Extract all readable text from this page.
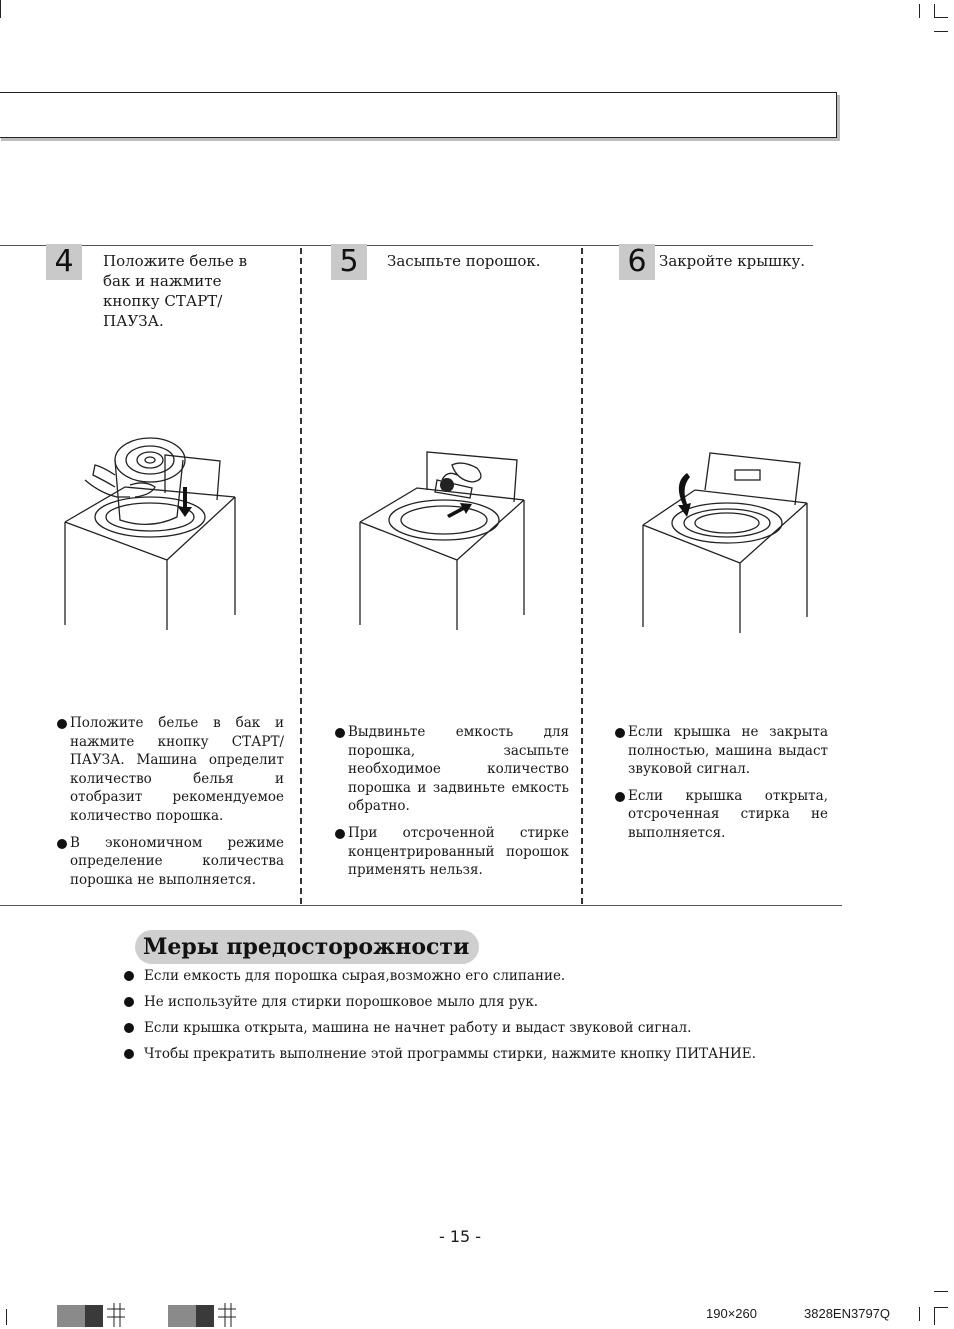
4	Положите белье в бак и нажмите кнопку СТАРТ/ПАУЗА.
Положите белье в бак и нажмите кнопку СТАРТ/ПАУЗА. Машина определит количество белья и отобразит рекомендуемое количество порошка.
В экономичном режиме определение количества порошка не выполняется.
5	Засыпьте порошок.
Выдвиньте емкость для порошка, засыпьте необходимое количество порошка и задвиньте емкость обратно.
При отсроченной стирке концентрированный порошок применять нельзя.
6 Закройте крышку.
Если крышка не закрыта полностью, машина выдаст звуковой сигнал.
Если крышка открыта, отсроченная стирка не выполняется.
Меры предосторожности
Если емкость для порошка сырая,возможно его слипание.
Не используйте для стирки порошковое мыло для рук.
Если крышка открыта, машина не начнет работу и выдаст звуковой сигнал.
Чтобы прекратить выполнение этой программы стирки, нажмите кнопку ПИТАНИЕ.
- 15 -
190×260	3828EN3797Q
